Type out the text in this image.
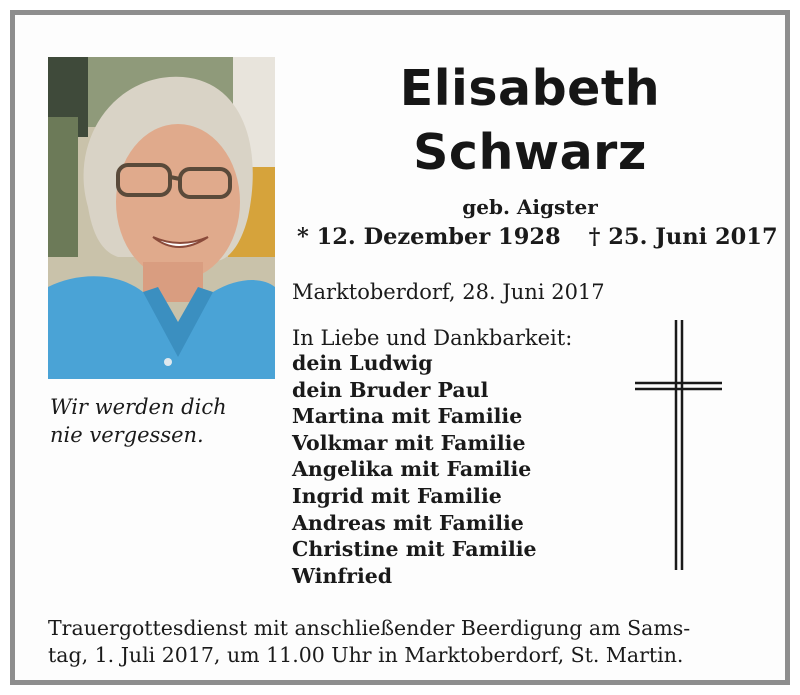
Wir werden dich
nie vergessen.
Elisabeth
Schwarz
geb. Aigster
* 12. Dezember 1928 † 25. Juni 2017
Marktoberdorf, 28. Juni 2017
In Liebe und Dankbarkeit:
dein Ludwig
dein Bruder Paul
Martina mit Familie
Volkmar mit Familie
Angelika mit Familie
Ingrid mit Familie
Andreas mit Familie
Christine mit Familie
Winfried
Trauergottesdienst mit anschließender Beerdigung am Sams-
tag, 1. Juli 2017, um 11.00 Uhr in Marktoberdorf, St. Martin.
